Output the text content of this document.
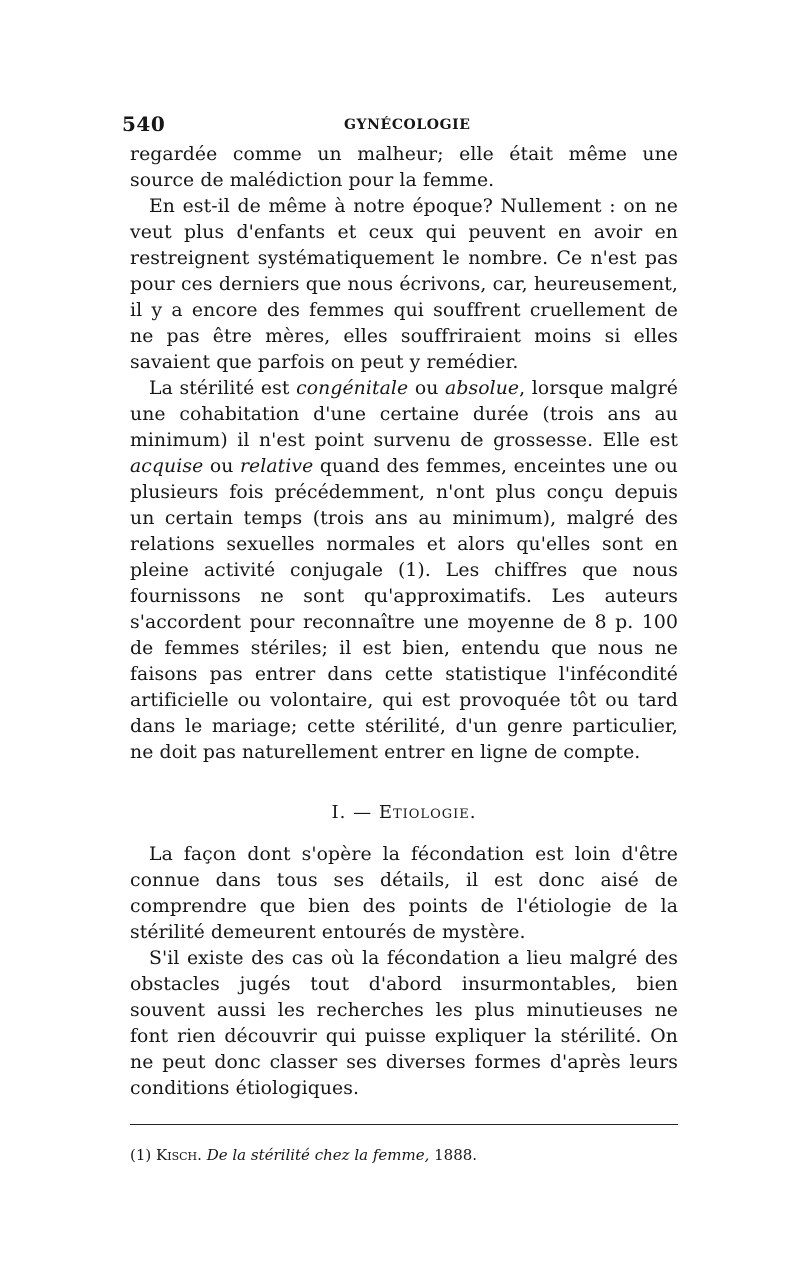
540	GYNÉCOLOGIE

regardée comme un malheur; elle était même une source de malédiction pour la femme.

En est-il de même à notre époque? Nullement : on ne veut plus d'enfants et ceux qui peuvent en avoir en restreignent systématiquement le nombre. Ce n'est pas pour ces derniers que nous écrivons, car, heureusement, il y a encore des femmes qui souffrent cruellement de ne pas être mères, elles souffriraient moins si elles savaient que parfois on peut y remédier.

La stérilité est congénitale ou absolue, lorsque malgré une cohabitation d'une certaine durée (trois ans au minimum) il n'est point survenu de grossesse. Elle est acquise ou relative quand des femmes, enceintes une ou plusieurs fois précédemment, n'ont plus conçu depuis un certain temps (trois ans au minimum), malgré des relations sexuelles normales et alors qu'elles sont en pleine activité conjugale (1). Les chiffres que nous fournissons ne sont qu'approximatifs. Les auteurs s'accordent pour reconnaître une moyenne de 8 p. 100 de femmes stériles; il est bien, entendu que nous ne faisons pas entrer dans cette statistique l'infécondité artificielle ou volontaire, qui est provoquée tôt ou tard dans le mariage; cette stérilité, d'un genre particulier, ne doit pas naturellement entrer en ligne de compte.

I. — Etiologie.

La façon dont s'opère la fécondation est loin d'être connue dans tous ses détails, il est donc aisé de comprendre que bien des points de l'étiologie de la stérilité demeurent entourés de mystère.

S'il existe des cas où la fécondation a lieu malgré des obstacles jugés tout d'abord insurmontables, bien souvent aussi les recherches les plus minutieuses ne font rien découvrir qui puisse expliquer la stérilité. On ne peut donc classer ses diverses formes d'après leurs conditions étiologiques.

(1) Kisch. De la stérilité chez la femme, 1888.
